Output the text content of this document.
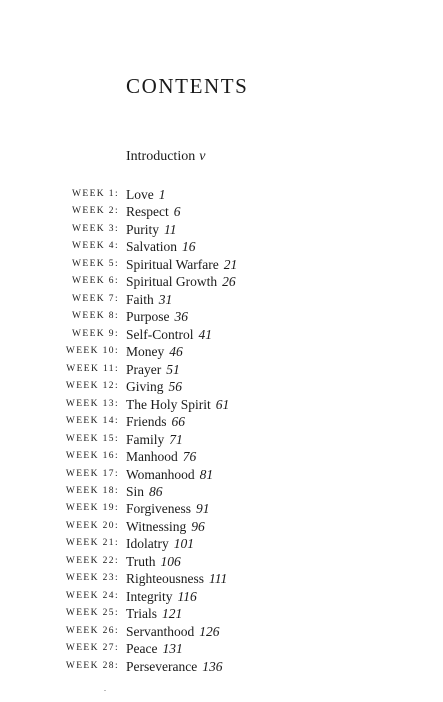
CONTENTS
Introduction v
WEEK 1: Love 1
WEEK 2: Respect 6
WEEK 3: Purity 11
WEEK 4: Salvation 16
WEEK 5: Spiritual Warfare 21
WEEK 6: Spiritual Growth 26
WEEK 7: Faith 31
WEEK 8: Purpose 36
WEEK 9: Self-Control 41
WEEK 10: Money 46
WEEK 11: Prayer 51
WEEK 12: Giving 56
WEEK 13: The Holy Spirit 61
WEEK 14: Friends 66
WEEK 15: Family 71
WEEK 16: Manhood 76
WEEK 17: Womanhood 81
WEEK 18: Sin 86
WEEK 19: Forgiveness 91
WEEK 20: Witnessing 96
WEEK 21: Idolatry 101
WEEK 22: Truth 106
WEEK 23: Righteousness 111
WEEK 24: Integrity 116
WEEK 25: Trials 121
WEEK 26: Servanthood 126
WEEK 27: Peace 131
WEEK 28: Perseverance 136
